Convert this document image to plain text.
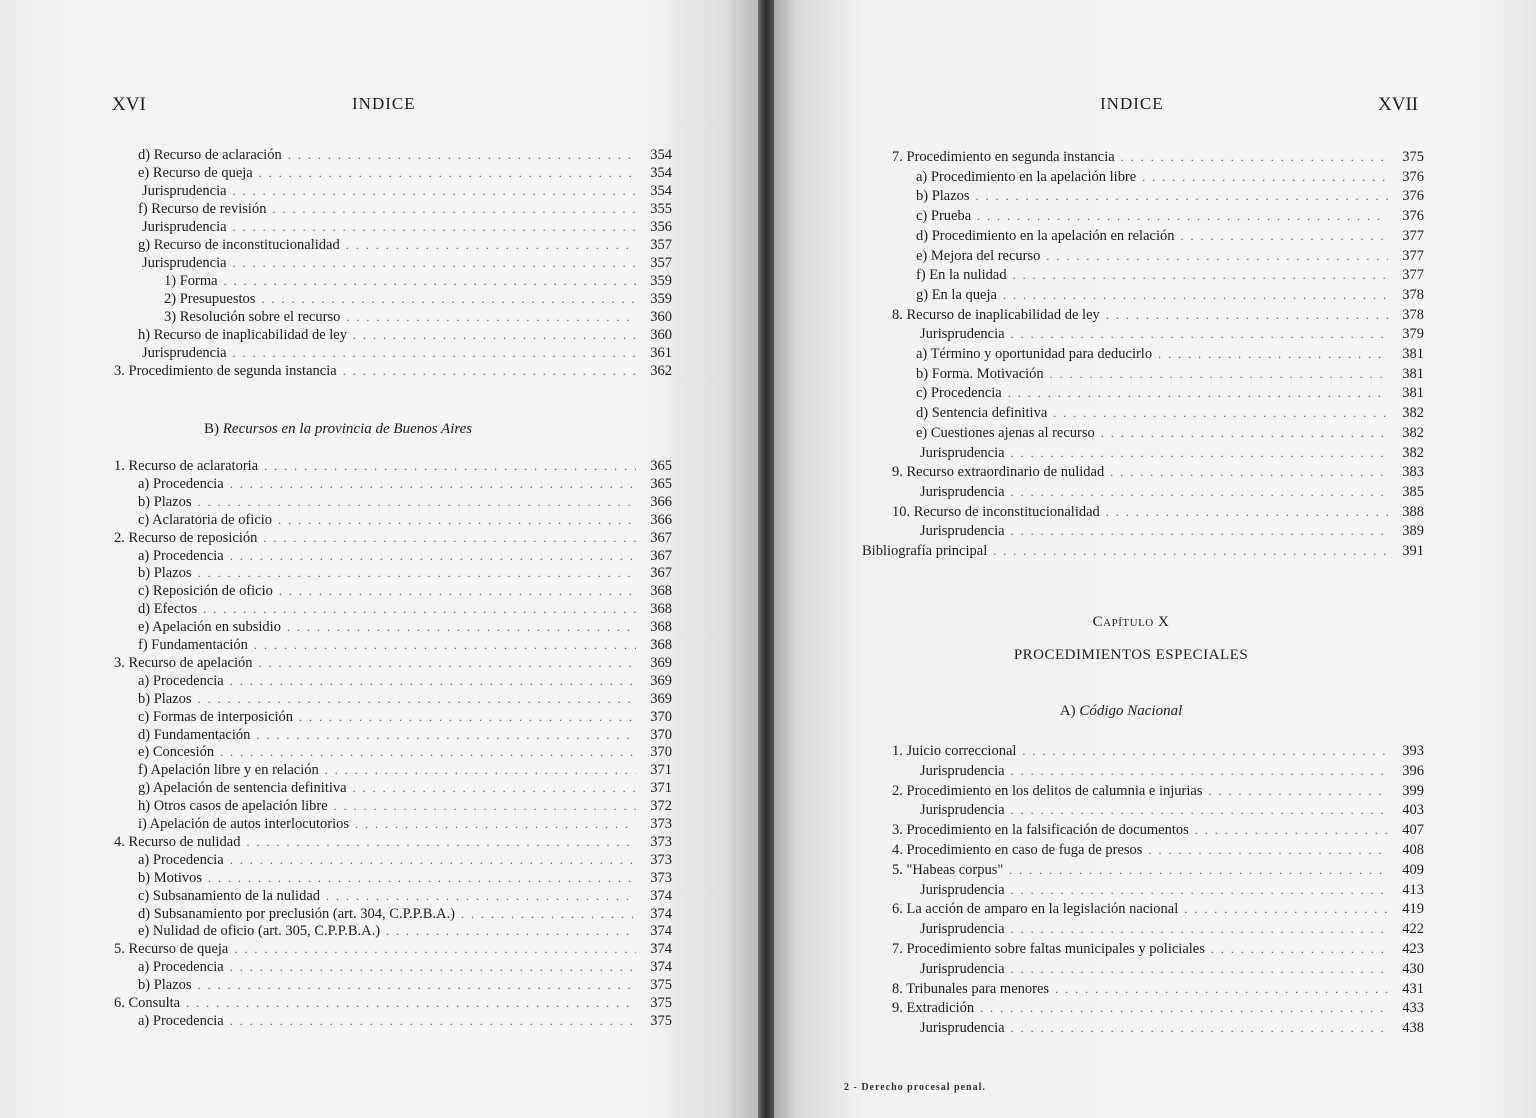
XVI	INDICE
d) Recurso de aclaración . . .	354
e) Recurso de queja . . .	354
Jurisprudencia . . .	354
f) Recurso de revisión . . .	355
Jurisprudencia . . .	356
g) Recurso de inconstitucionalidad . . .	357
Jurisprudencia . . .	357
1) Forma . . .	359
2) Presupuestos . . .	359
3) Resolución sobre el recurso . . .	360
h) Recurso de inaplicabilidad de ley . . .	360
Jurisprudencia . . .	361
3. Procedimiento de segunda instancia . . .	362
1. Recurso de aclaratoria . . .	365
a) Procedencia . . .	365
b) Plazos . . .	366
c) Aclaratoria de oficio . . .	366
2. Recurso de reposición . . .	367
a) Procedencia . . .	367
b) Plazos . . .	367
c) Reposición de oficio . . .	368
d) Efectos . . .	368
e) Apelación en subsidio . . .	368
f) Fundamentación . . .	368
3. Recurso de apelación . . .	369
a) Procedencia . . .	369
b) Plazos . . .	369
c) Formas de interposición . . .	370
d) Fundamentación . . .	370
e) Concesión . . .	370
f) Apelación libre y en relación . . .	371
g) Apelación de sentencia definitiva . . .	371
h) Otros casos de apelación libre . . .	372
i) Apelación de autos interlocutorios . . .	373
4. Recurso de nulidad . . .	373
a) Procedencia . . .	373
b) Motivos . . .	373
c) Subsanamiento de la nulidad . . .	374
d) Subsanamiento por preclusión (art. 304, C.P.P.B.A.) . . .	374
e) Nulidad de oficio (art. 305, C.P.P.B.A.) . . .	374
5. Recurso de queja . . .	374
a) Procedencia . . .	374
b) Plazos . . .	375
6. Consulta . . .	375
a) Procedencia . . .	375
B) Recursos en la provincia de Buenos Aires
INDICE	XVII
7. Procedimiento en segunda instancia . . .	375
a) Procedimiento en la apelación libre . . .	376
b) Plazos . . .	376
c) Prueba . . .	376
d) Procedimiento en la apelación en relación . . .	377
e) Mejora del recurso . . .	377
f) En la nulidad . . .	377
g) En la queja . . .	378
8. Recurso de inaplicabilidad de ley . . .	378
Jurisprudencia . . .	379
a) Término y oportunidad para deducirlo . . .	381
b) Forma. Motivación . . .	381
c) Procedencia . . .	381
d) Sentencia definitiva . . .	382
e) Cuestiones ajenas al recurso . . .	382
Jurisprudencia . . .	382
9. Recurso extraordinario de nulidad . . .	383
Jurisprudencia . . .	385
10. Recurso de inconstitucionalidad . . .	388
Jurisprudencia . . .	389
Bibliografía principal . . .	391
1. Juicio correccional . . .	393
Jurisprudencia . . .	396
2. Procedimiento en los delitos de calumnia e injurias . . .	399
Jurisprudencia . . .	403
3. Procedimiento en la falsificación de documentos . . .	407
4. Procedimiento en caso de fuga de presos . . .	408
5. "Habeas corpus" . . .	409
Jurisprudencia . . .	413
6. La acción de amparo en la legislación nacional . . .	419
Jurisprudencia . . .	422
7. Procedimiento sobre faltas municipales y policiales . . .	423
Jurisprudencia . . .	430
8. Tribunales para menores . . .	431
9. Extradición . . .	433
Jurisprudencia . . .	438
Capítulo X
PROCEDIMIENTOS ESPECIALES
A) Código Nacional
2 - Derecho procesal penal.
